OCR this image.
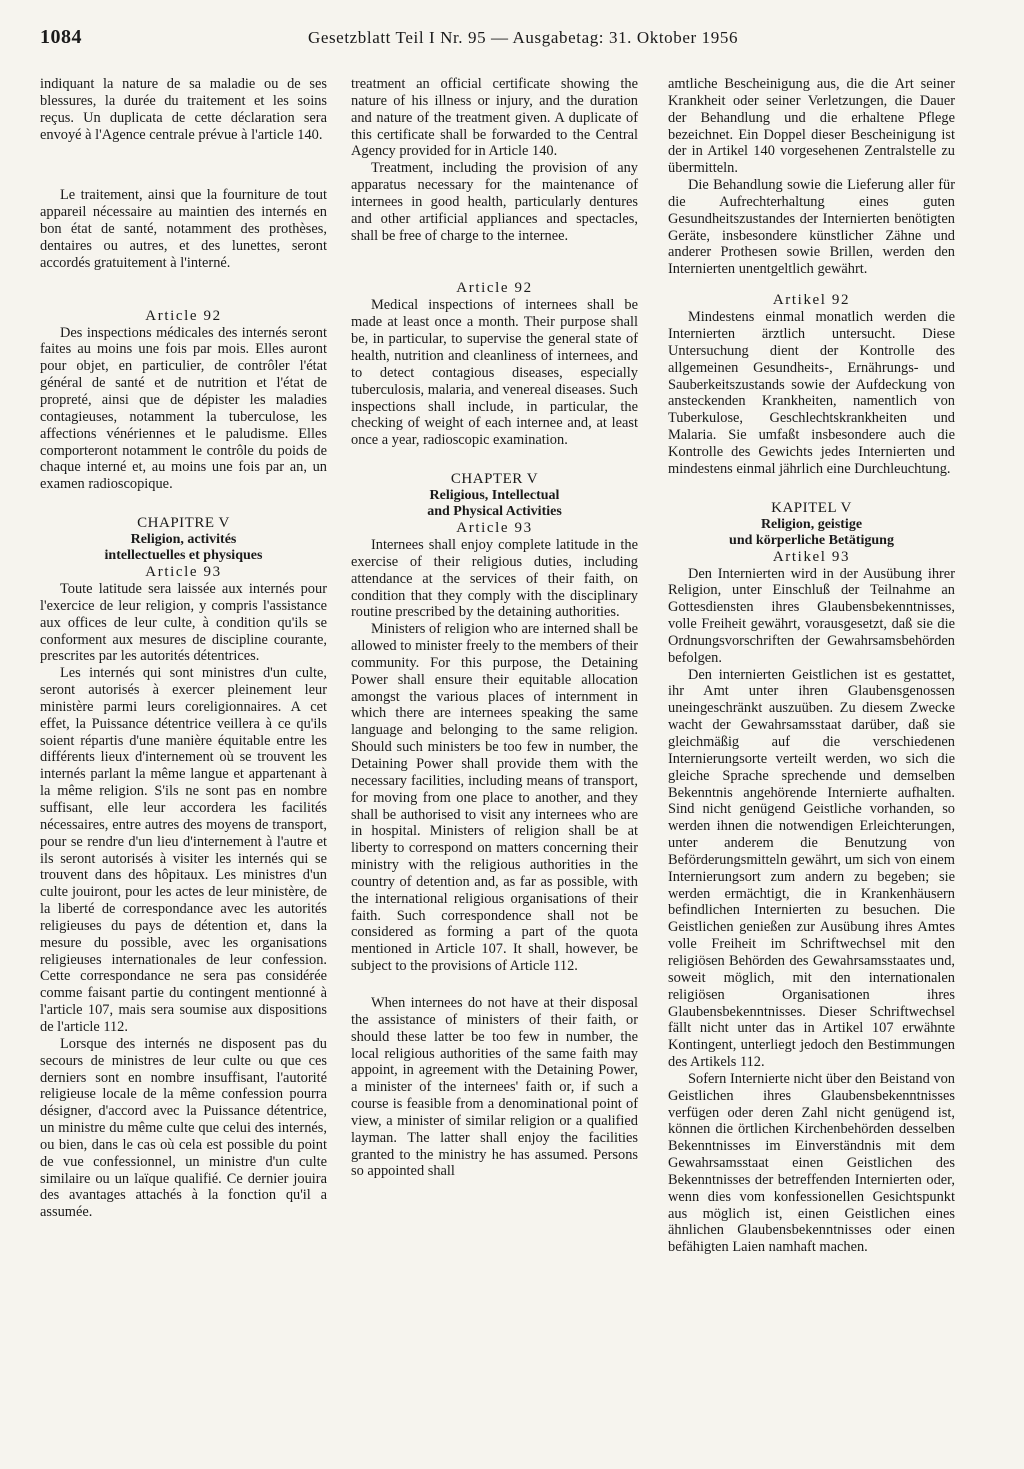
1084	Gesetzblatt Teil I Nr. 95 — Ausgabetag: 31. Oktober 1956

indiquant la nature de sa maladie ou de ses blessures, la durée du traitement et les soins reçus. Un duplicata de cette déclaration sera envoyé à l'Agence centrale prévue à l'article 140.

Le traitement, ainsi que la fourniture de tout appareil nécessaire au maintien des internés en bon état de santé, notamment des prothèses, dentaires ou autres, et des lunettes, seront accordés gratuitement à l'interné.

Article 92

Des inspections médicales des internés seront faites au moins une fois par mois. Elles auront pour objet, en particulier, de contrôler l'état général de santé et de nutrition et l'état de propreté, ainsi que de dépister les maladies contagieuses, notamment la tuberculose, les affections vénériennes et le paludisme. Elles comporteront notamment le contrôle du poids de chaque interné et, au moins une fois par an, un examen radioscopique.

CHAPITRE V
Religion, activités
intellectuelles et physiques
Article 93

Toute latitude sera laissée aux internés pour l'exercice de leur religion, y compris l'assistance aux offices de leur culte, à condition qu'ils se conforment aux mesures de discipline courante, prescrites par les autorités détentrices.

Les internés qui sont ministres d'un culte, seront autorisés à exercer pleinement leur ministère parmi leurs coreligionnaires. A cet effet, la Puissance détentrice veillera à ce qu'ils soient répartis d'une manière équitable entre les différents lieux d'internement où se trouvent les internés parlant la même langue et appartenant à la même religion. S'ils ne sont pas en nombre suffisant, elle leur accordera les facilités nécessaires, entre autres des moyens de transport, pour se rendre d'un lieu d'internement à l'autre et ils seront autorisés à visiter les internés qui se trouvent dans des hôpitaux. Les ministres d'un culte jouiront, pour les actes de leur ministère, de la liberté de correspondance avec les autorités religieuses du pays de détention et, dans la mesure du possible, avec les organisations religieuses internationales de leur confession. Cette correspondance ne sera pas considérée comme faisant partie du contingent mentionné à l'article 107, mais sera soumise aux dispositions de l'article 112.

Lorsque des internés ne disposent pas du secours de ministres de leur culte ou que ces derniers sont en nombre insuffisant, l'autorité religieuse locale de la même confession pourra désigner, d'accord avec la Puissance détentrice, un ministre du même culte que celui des internés, ou bien, dans le cas où cela est possible du point de vue confessionnel, un ministre d'un culte similaire ou un laïque qualifié. Ce dernier jouira des avantages attachés à la fonction qu'il a assumée.

treatment an official certificate showing the nature of his illness or injury, and the duration and nature of the treatment given. A duplicate of this certificate shall be forwarded to the Central Agency provided for in Article 140.

Treatment, including the provision of any apparatus necessary for the maintenance of internees in good health, particularly dentures and other artificial appliances and spectacles, shall be free of charge to the internee.

Article 92

Medical inspections of internees shall be made at least once a month. Their purpose shall be, in particular, to supervise the general state of health, nutrition and cleanliness of internees, and to detect contagious diseases, especially tuberculosis, malaria, and venereal diseases. Such inspections shall include, in particular, the checking of weight of each internee and, at least once a year, radioscopic examination.

CHAPTER V
Religious, Intellectual
and Physical Activities
Article 93

Internees shall enjoy complete latitude in the exercise of their religious duties, including attendance at the services of their faith, on condition that they comply with the disciplinary routine prescribed by the detaining authorities.

Ministers of religion who are interned shall be allowed to minister freely to the members of their community. For this purpose, the Detaining Power shall ensure their equitable allocation amongst the various places of internment in which there are internees speaking the same language and belonging to the same religion. Should such ministers be too few in number, the Detaining Power shall provide them with the necessary facilities, including means of transport, for moving from one place to another, and they shall be authorised to visit any internees who are in hospital. Ministers of religion shall be at liberty to correspond on matters concerning their ministry with the religious authorities in the country of detention and, as far as possible, with the international religious organisations of their faith. Such correspondence shall not be considered as forming a part of the quota mentioned in Article 107. It shall, however, be subject to the provisions of Article 112.

When internees do not have at their disposal the assistance of ministers of their faith, or should these latter be too few in number, the local religious authorities of the same faith may appoint, in agreement with the Detaining Power, a minister of the internees' faith or, if such a course is feasible from a denominational point of view, a minister of similar religion or a qualified layman. The latter shall enjoy the facilities granted to the ministry he has assumed. Persons so appointed shall

amtliche Bescheinigung aus, die die Art seiner Krankheit oder seiner Verletzungen, die Dauer der Behandlung und die erhaltene Pflege bezeichnet. Ein Doppel dieser Bescheinigung ist der in Artikel 140 vorgesehenen Zentralstelle zu übermitteln.

Die Behandlung sowie die Lieferung aller für die Aufrechterhaltung eines guten Gesundheitszustandes der Internierten benötigten Geräte, insbesondere künstlicher Zähne und anderer Prothesen sowie Brillen, werden den Internierten unentgeltlich gewährt.

Artikel 92

Mindestens einmal monatlich werden die Internierten ärztlich untersucht. Diese Untersuchung dient der Kontrolle des allgemeinen Gesundheits-, Ernährungs- und Sauberkeitszustands sowie der Aufdeckung von ansteckenden Krankheiten, namentlich von Tuberkulose, Geschlechtskrankheiten und Malaria. Sie umfaßt insbesondere auch die Kontrolle des Gewichts jedes Internierten und mindestens einmal jährlich eine Durchleuchtung.

KAPITEL V
Religion, geistige
und körperliche Betätigung
Artikel 93

Den Internierten wird in der Ausübung ihrer Religion, unter Einschluß der Teilnahme an Gottesdiensten ihres Glaubensbekenntnisses, volle Freiheit gewährt, vorausgesetzt, daß sie die Ordnungsvorschriften der Gewahrsamsbehörden befolgen.

Den internierten Geistlichen ist es gestattet, ihr Amt unter ihren Glaubensgenossen uneingeschränkt auszuüben. Zu diesem Zwecke wacht der Gewahrsamsstaat darüber, daß sie gleichmäßig auf die verschiedenen Internierungsorte verteilt werden, wo sich die gleiche Sprache sprechende und demselben Bekenntnis angehörende Internierte aufhalten. Sind nicht genügend Geistliche vorhanden, so werden ihnen die notwendigen Erleichterungen, unter anderem die Benutzung von Beförderungsmitteln gewährt, um sich von einem Internierungsort zum andern zu begeben; sie werden ermächtigt, die in Krankenhäusern befindlichen Internierten zu besuchen. Die Geistlichen genießen zur Ausübung ihres Amtes volle Freiheit im Schriftwechsel mit den religiösen Behörden des Gewahrsamsstaates und, soweit möglich, mit den internationalen religiösen Organisationen ihres Glaubensbekenntnisses. Dieser Schriftwechsel fällt nicht unter das in Artikel 107 erwähnte Kontingent, unterliegt jedoch den Bestimmungen des Artikels 112.

Sofern Internierte nicht über den Beistand von Geistlichen ihres Glaubensbekenntnisses verfügen oder deren Zahl nicht genügend ist, können die örtlichen Kirchenbehörden desselben Bekenntnisses im Einverständnis mit dem Gewahrsamsstaat einen Geistlichen des Bekenntnisses der betreffenden Internierten oder, wenn dies vom konfessionellen Gesichtspunkt aus möglich ist, einen Geistlichen eines ähnlichen Glaubensbekenntnisses oder einen befähigten Laien namhaft machen.
